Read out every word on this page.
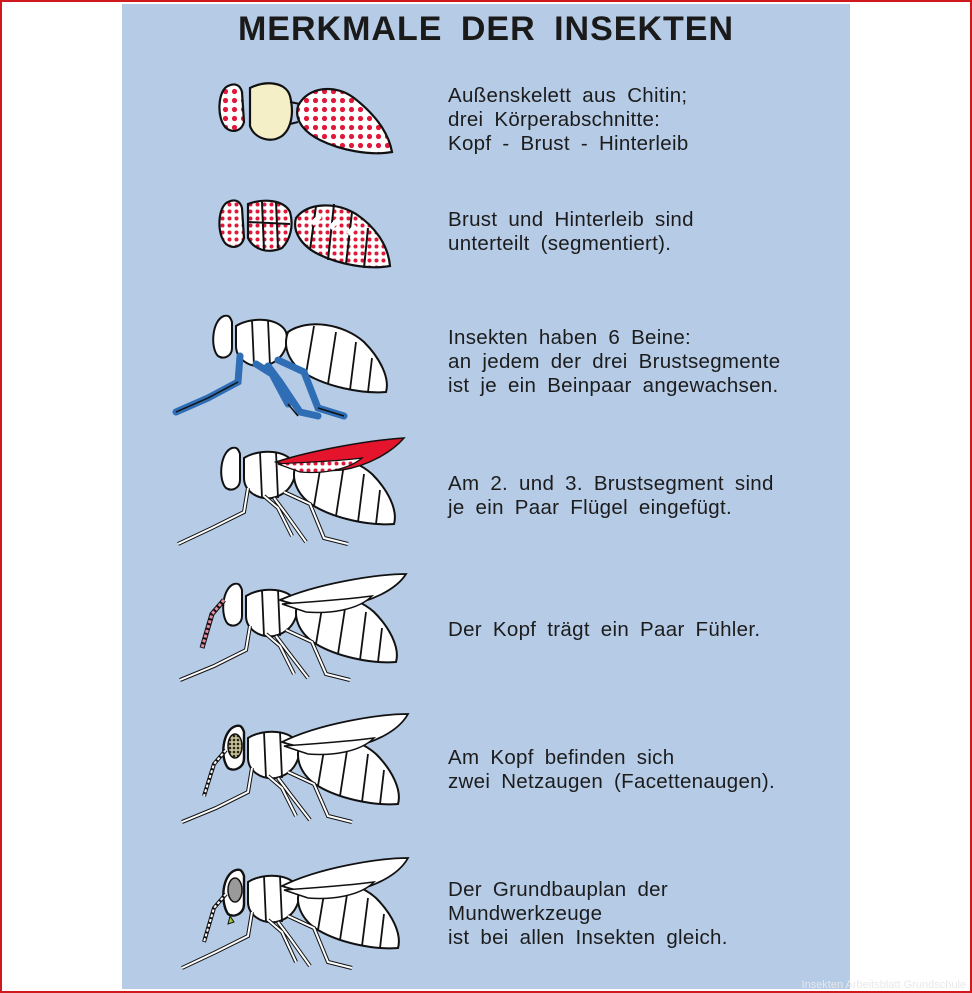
MERKMALE DER INSEKTEN
Außenskelett aus Chitin;
drei Körperabschnitte:
Kopf - Brust - Hinterleib
Brust und Hinterleib sind
unterteilt (segmentiert).
Insekten haben 6 Beine:
an jedem der drei Brustsegmente
ist je ein Beinpaar angewachsen.
Am 2. und 3. Brustsegment sind
je ein Paar Flügel eingefügt.
Der Kopf trägt ein Paar Fühler.
Am Kopf befinden sich
zwei Netzaugen (Facettenaugen).
Der Grundbauplan der
Mundwerkzeuge
ist bei allen Insekten gleich.
Insekten Arbeitsblatt Grundschule
